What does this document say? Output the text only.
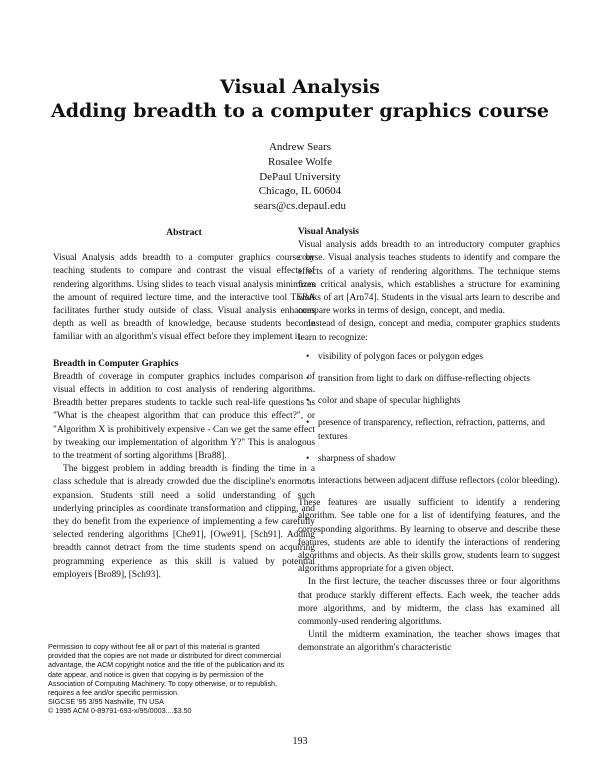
Visual Analysis
Adding breadth to a computer graphics course
Andrew Sears
Rosalee Wolfe
DePaul University
Chicago, IL 60604
sears@cs.depaul.edu
Abstract

Visual Analysis adds breadth to a computer graphics course by teaching students to compare and contrast the visual effects of rendering algorithms. Using slides to teach visual analysis minimizes the amount of required lecture time, and the interactive tool TEBA facilitates further study outside of class. Visual analysis enhances depth as well as breadth of knowledge, because students become familiar with an algorithm's visual effect before they implement it.

Breadth in Computer Graphics

Breadth of coverage in computer graphics includes comparison of visual effects in addition to cost analysis of rendering algorithms. Breadth better prepares students to tackle such real-life questions as "What is the cheapest algorithm that can produce this effect?", or "Algorithm X is prohibitively expensive - Can we get the same effect by tweaking our implementation of algorithm Y?" This is analogous to the treatment of sorting algorithms [Bra88].

The biggest problem in adding breadth is finding the time in a class schedule that is already crowded due the discipline's enormous expansion. Students still need a solid understanding of such underlying principles as coordinate transformation and clipping, and they do benefit from the experience of implementing a few carefully selected rendering algorithms [Che91], [Owe91], [Sch91]. Adding breadth cannot detract from the time students spend on acquiring programming experience as this skill is valued by potential employers [Bro89], [Sch93].

Permission to copy without fee all or part of this material is granted provided that the copies are not made or distributed for direct commercial advantage, the ACM copyright notice and the title of the publication and its date appear, and notice is given that copying is by permission of the Association of Computing Machinery. To copy otherwise, or to republish, requires a fee and/or specific permission.

SIGCSE '95 3/95 Nashville, TN USA

© 1995 ACM 0-89791-693-x/95/0003....$3.50

Visual Analysis

Visual analysis adds breadth to an introductory computer graphics course. Visual analysis teaches students to identify and compare the effects of a variety of rendering algorithms. The technique stems from critical analysis, which establishes a structure for examining works of art [Arn74]. Students in the visual arts learn to describe and compare works in terms of design, concept, and media.

Instead of design, concept and media, computer graphics students learn to recognize:

• visibility of polygon faces or polygon edges
• transition from light to dark on diffuse-reflecting objects
• color and shape of specular highlights
• presence of transparency, reflection, refraction, patterns, and textures
• sharpness of shadow
• interactions between adjacent diffuse reflectors (color bleeding).

These features are usually sufficient to identify a rendering algorithm. See table one for a list of identifying features, and the corresponding algorithms. By learning to observe and describe these features, students are able to identify the interactions of rendering algorithms and objects. As their skills grow, students learn to suggest algorithms appropriate for a given object.

In the first lecture, the teacher discusses three or four algorithms that produce starkly different effects. Each week, the teacher adds more algorithms, and by midterm, the class has examined all commonly-used rendering algorithms.

Until the midterm examination, the teacher shows images that demonstrate an algorithm's characteristic

193
